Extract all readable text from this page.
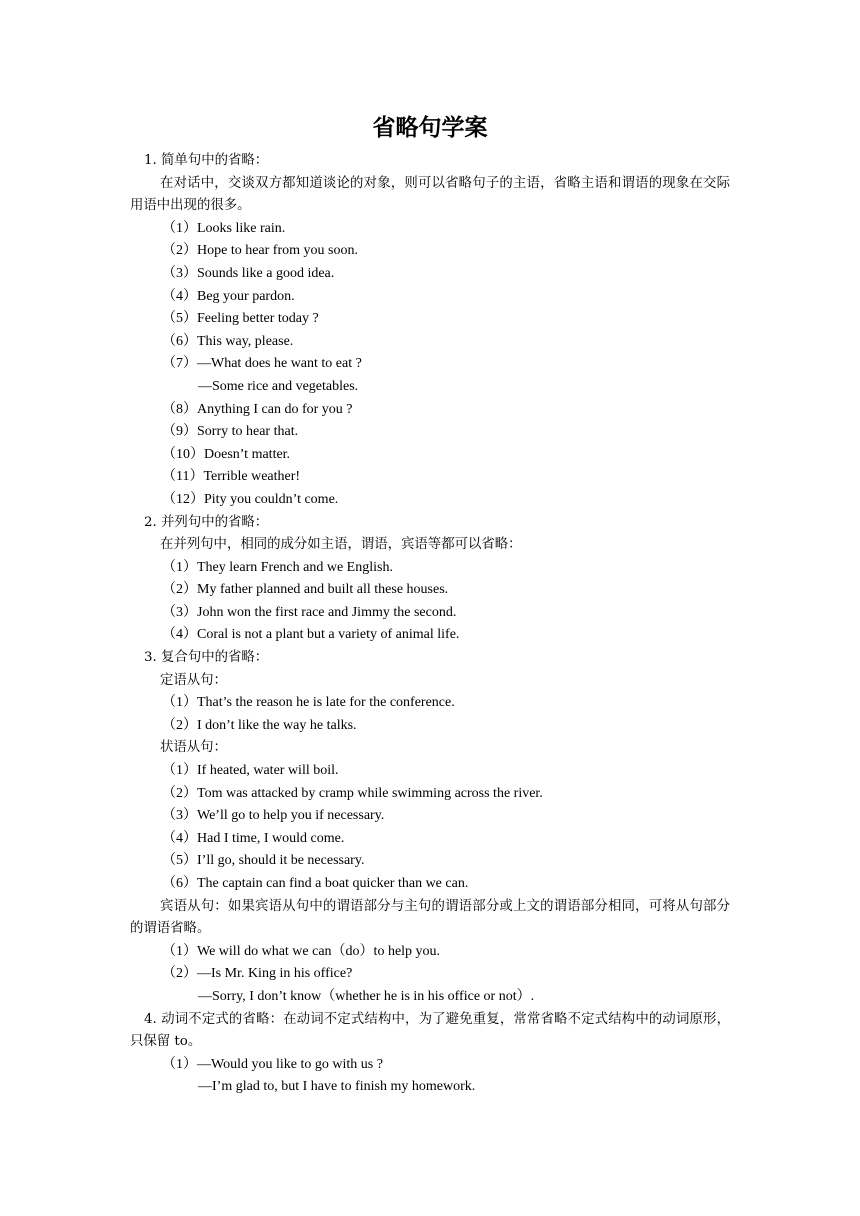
省略句学案
1. 简单句中的省略：
在对话中，交谈双方都知道谈论的对象，则可以省略句子的主语，省略主语和谓语的现象在交际用语中出现的很多。
（1）Looks like rain.
（2）Hope to hear from you soon.
（3）Sounds like a good idea.
（4）Beg your pardon.
（5）Feeling better today ?
（6）This way, please.
（7）—What does he want to eat ?
—Some rice and vegetables.
（8）Anything I can do for you ?
（9）Sorry to hear that.
（10）Doesn’t matter.
（11）Terrible weather!
（12）Pity you couldn’t come.
2. 并列句中的省略：
在并列句中，相同的成分如主语，谓语，宾语等都可以省略：
（1）They learn French and we English.
（2）My father planned and built all these houses.
（3）John won the first race and Jimmy the second.
（4）Coral is not a plant but a variety of animal life.
3. 复合句中的省略：
定语从句：
（1）That’s the reason he is late for the conference.
（2）I don’t like the way he talks.
状语从句：
（1）If heated, water will boil.
（2）Tom was attacked by cramp while swimming across the river.
（3）We’ll go to help you if necessary.
（4）Had I time, I would come.
（5）I’ll go, should it be necessary.
（6）The captain can find a boat quicker than we can.
宾语从句：如果宾语从句中的谓语部分与主句的谓语部分或上文的谓语部分相同，可将从句部分的谓语省略。
（1）We will do what we can（do）to help you.
（2）—Is Mr. King in his office?
—Sorry, I don’t know（whether he is in his office or not）.
4. 动词不定式的省略：在动词不定式结构中，为了避免重复，常常省略不定式结构中的动词原形，只保留 to。
（1）—Would you like to go with us ?
—I’m glad to, but I have to finish my homework.
